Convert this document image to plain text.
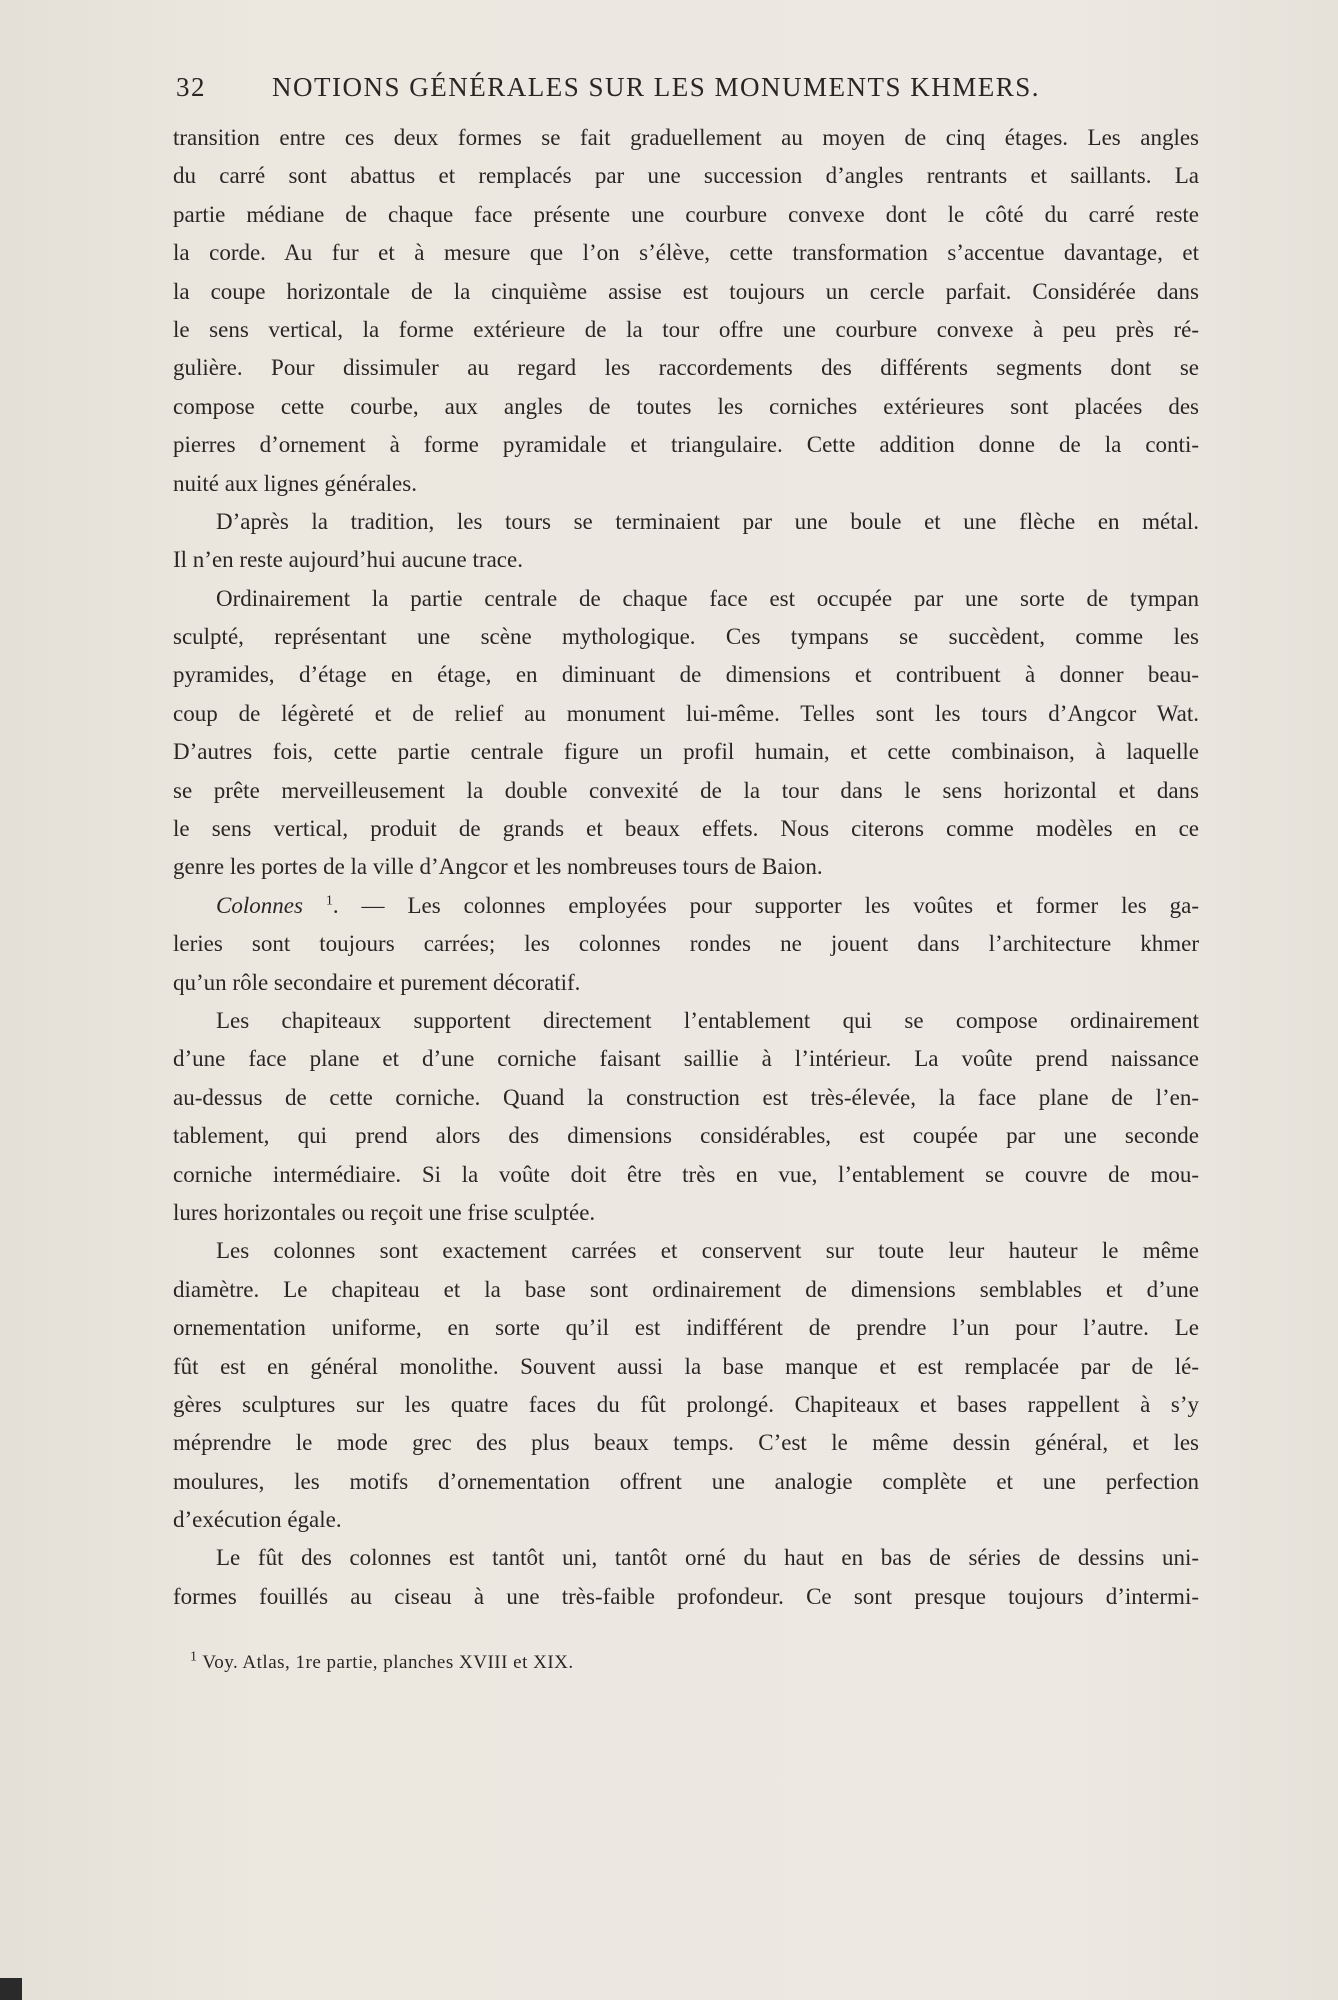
32 NOTIONS GÉNÉRALES SUR LES MONUMENTS KHMERS.
transition entre ces deux formes se fait graduellement au moyen de cinq étages. Les angles
du carré sont abattus et remplacés par une succession d’angles rentrants et saillants. La
partie médiane de chaque face présente une courbure convexe dont le côté du carré reste
la corde. Au fur et à mesure que l’on s’élève, cette transformation s’accentue davantage, et
la coupe horizontale de la cinquième assise est toujours un cercle parfait. Considérée dans
le sens vertical, la forme extérieure de la tour offre une courbure convexe à peu près ré-
gulière. Pour dissimuler au regard les raccordements des différents segments dont se
compose cette courbe, aux angles de toutes les corniches extérieures sont placées des
pierres d’ornement à forme pyramidale et triangulaire. Cette addition donne de la conti-
nuité aux lignes générales.
D’après la tradition, les tours se terminaient par une boule et une flèche en métal.
Il n’en reste aujourd’hui aucune trace.
Ordinairement la partie centrale de chaque face est occupée par une sorte de tympan
sculpté, représentant une scène mythologique. Ces tympans se succèdent, comme les
pyramides, d’étage en étage, en diminuant de dimensions et contribuent à donner beau-
coup de légèreté et de relief au monument lui-même. Telles sont les tours d’Angcor Wat.
D’autres fois, cette partie centrale figure un profil humain, et cette combinaison, à laquelle
se prête merveilleusement la double convexité de la tour dans le sens horizontal et dans
le sens vertical, produit de grands et beaux effets. Nous citerons comme modèles en ce
genre les portes de la ville d’Angcor et les nombreuses tours de Baion.
Colonnes $^1$. — Les colonnes employées pour supporter les voûtes et former les ga-
leries sont toujours carrées; les colonnes rondes ne jouent dans l’architecture khmer
qu’un rôle secondaire et purement décoratif.
Les chapiteaux supportent directement l’entablement qui se compose ordinairement
d’une face plane et d’une corniche faisant saillie à l’intérieur. La voûte prend naissance
au-dessus de cette corniche. Quand la construction est très-élevée, la face plane de l’en-
tablement, qui prend alors des dimensions considérables, est coupée par une seconde
corniche intermédiaire. Si la voûte doit être très en vue, l’entablement se couvre de mou-
lures horizontales ou reçoit une frise sculptée.
Les colonnes sont exactement carrées et conservent sur toute leur hauteur le même
diamètre. Le chapiteau et la base sont ordinairement de dimensions semblables et d’une
ornementation uniforme, en sorte qu’il est indifférent de prendre l’un pour l’autre. Le
fût est en général monolithe. Souvent aussi la base manque et est remplacée par de lé-
gères sculptures sur les quatre faces du fût prolongé. Chapiteaux et bases rappellent à s’y
méprendre le mode grec des plus beaux temps. C’est le même dessin général, et les
moulures, les motifs d’ornementation offrent une analogie complète et une perfection
d’exécution égale.
Le fût des colonnes est tantôt uni, tantôt orné du haut en bas de séries de dessins uni-
formes fouillés au ciseau à une très-faible profondeur. Ce sont presque toujours d’intermi-
$^1$ Voy. Atlas, 1re partie, planches XVIII et XIX.
